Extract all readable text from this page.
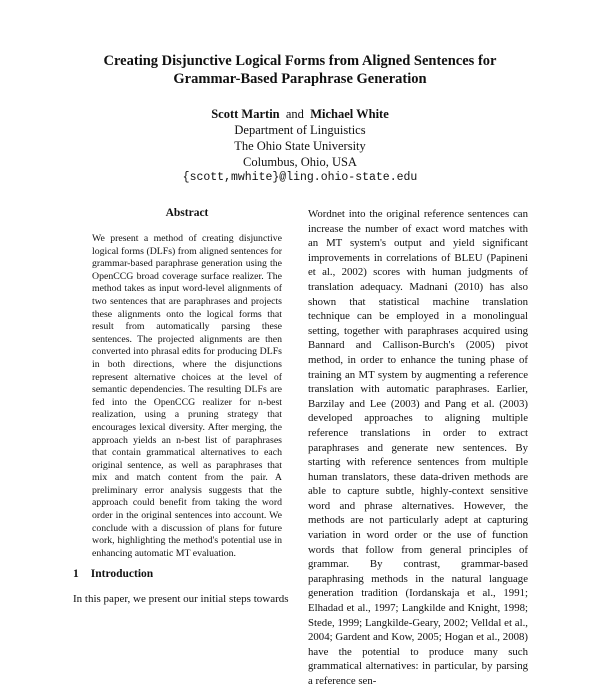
Creating Disjunctive Logical Forms from Aligned Sentences for
Grammar-Based Paraphrase Generation
Scott Martin and Michael White
Department of Linguistics
The Ohio State University
Columbus, Ohio, USA
{scott,mwhite}@ling.ohio-state.edu
Abstract
We present a method of creating disjunctive logical forms (DLFs) from aligned sentences for grammar-based paraphrase generation using the OpenCCG broad coverage surface realizer. The method takes as input word-level alignments of two sentences that are paraphrases and projects these alignments onto the logical forms that result from automatically parsing these sentences. The projected alignments are then converted into phrasal edits for producing DLFs in both directions, where the disjunctions represent alternative choices at the level of semantic dependencies. The resulting DLFs are fed into the OpenCCG realizer for n-best realization, using a pruning strategy that encourages lexical diversity. After merging, the approach yields an n-best list of paraphrases that contain grammatical alternatives to each original sentence, as well as paraphrases that mix and match content from the pair. A preliminary error analysis suggests that the approach could benefit from taking the word order in the original sentences into account. We conclude with a discussion of plans for future work, highlighting the method's potential use in enhancing automatic MT evaluation.
1 Introduction
In this paper, we present our initial steps towards
Wordnet into the original reference sentences can increase the number of exact word matches with an MT system's output and yield significant improvements in correlations of BLEU (Papineni et al., 2002) scores with human judgments of translation adequacy. Madnani (2010) has also shown that statistical machine translation technique can be employed in a monolingual setting, together with paraphrases acquired using Bannard and Callison-Burch's (2005) pivot method, in order to enhance the tuning phase of training an MT system by augmenting a reference translation with automatic paraphrases. Earlier, Barzilay and Lee (2003) and Pang et al. (2003) developed approaches to aligning multiple reference translations in order to extract paraphrases and generate new sentences. By starting with reference sentences from multiple human translators, these data-driven methods are able to capture subtle, highly-context sensitive word and phrase alternatives. However, the methods are not particularly adept at capturing variation in word order or the use of function words that follow from general principles of grammar. By contrast, grammar-based paraphrasing methods in the natural language generation tradition (Iordanskaja et al., 1991; Elhadad et al., 1997; Langkilde and Knight, 1998; Stede, 1999; Langkilde-Geary, 2002; Velldal et al., 2004; Gardent and Kow, 2005; Hogan et al., 2008) have the potential to produce many such grammatical alternatives: in particular, by parsing a reference sen-
